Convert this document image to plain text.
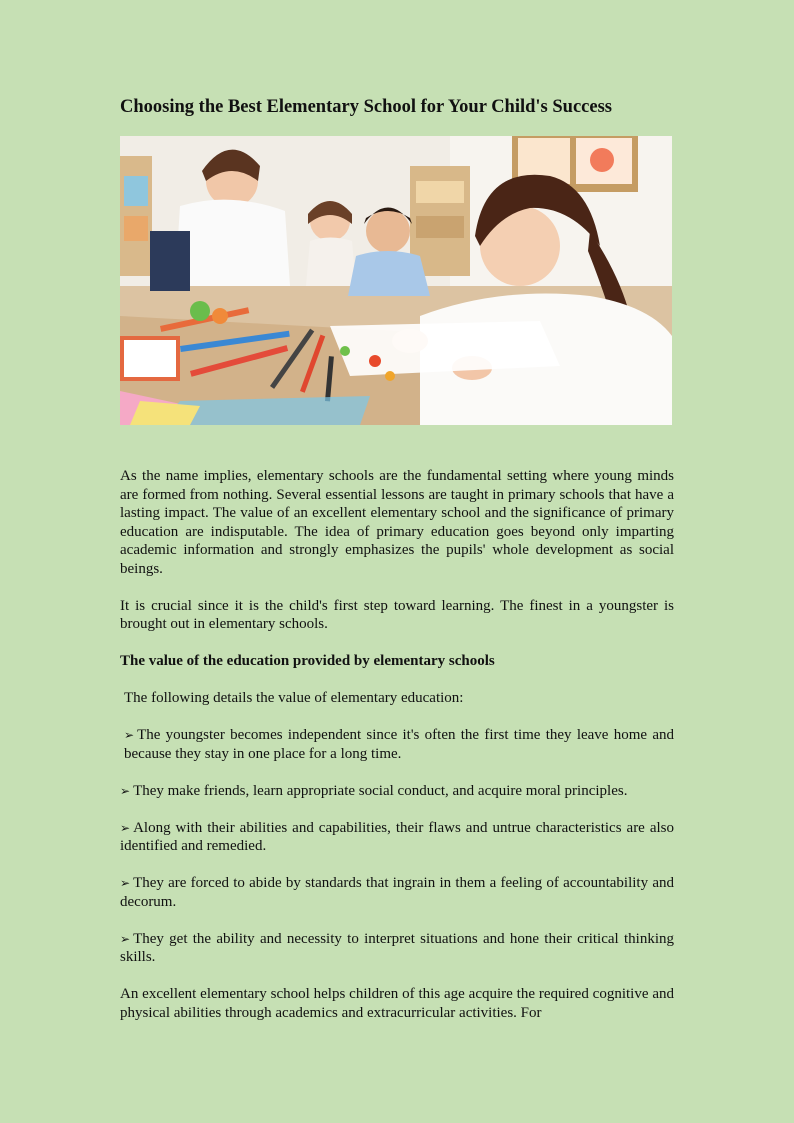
Choosing the Best Elementary School for Your Child's Success

As the name implies, elementary schools are the fundamental setting where young minds are formed from nothing. Several essential lessons are taught in primary schools that have a lasting impact. The value of an excellent elementary school and the significance of primary education are indisputable. The idea of primary education goes beyond only imparting academic information and strongly emphasizes the pupils' whole development as social beings.

It is crucial since it is the child's first step toward learning. The finest in a youngster is brought out in elementary schools.

The value of the education provided by elementary schools

The following details the value of elementary education:

➢ The youngster becomes independent since it's often the first time they leave home and because they stay in one place for a long time.

➢ They make friends, learn appropriate social conduct, and acquire moral principles.

➢ Along with their abilities and capabilities, their flaws and untrue characteristics are also identified and remedied.

➢ They are forced to abide by standards that ingrain in them a feeling of accountability and decorum.

➢ They get the ability and necessity to interpret situations and hone their critical thinking skills.

An excellent elementary school helps children of this age acquire the required cognitive and physical abilities through academics and extracurricular activities. For
